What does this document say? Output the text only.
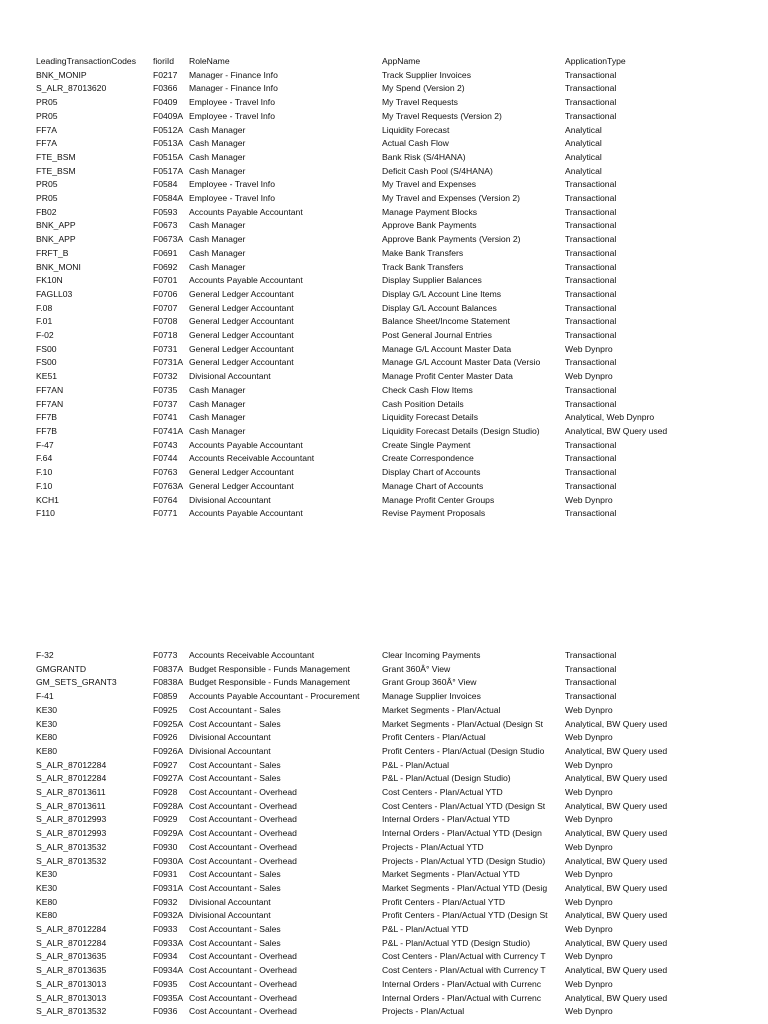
LeadingTransactionCodes	fioriId	RoleName	AppName	ApplicationType
BNK_MONIP	F0217	Manager - Finance Info	Track Supplier Invoices	Transactional
S_ALR_87013620	F0366	Manager - Finance Info	My Spend (Version 2)	Transactional
PR05	F0409	Employee - Travel Info	My Travel Requests	Transactional
PR05	F0409A	Employee - Travel Info	My Travel Requests (Version 2)	Transactional
FF7A	F0512A	Cash Manager	Liquidity Forecast	Analytical
FF7A	F0513A	Cash Manager	Actual Cash Flow	Analytical
FTE_BSM	F0515A	Cash Manager	Bank Risk (S/4HANA)	Analytical
FTE_BSM	F0517A	Cash Manager	Deficit Cash Pool (S/4HANA)	Analytical
PR05	F0584	Employee - Travel Info	My Travel and Expenses	Transactional
PR05	F0584A	Employee - Travel Info	My Travel and Expenses (Version 2)	Transactional
FB02	F0593	Accounts Payable Accountant	Manage Payment Blocks	Transactional
BNK_APP	F0673	Cash Manager	Approve Bank Payments	Transactional
BNK_APP	F0673A	Cash Manager	Approve Bank Payments (Version 2)	Transactional
FRFT_B	F0691	Cash Manager	Make Bank Transfers	Transactional
BNK_MONI	F0692	Cash Manager	Track Bank Transfers	Transactional
FK10N	F0701	Accounts Payable Accountant	Display Supplier Balances	Transactional
FAGLL03	F0706	General Ledger Accountant	Display G/L Account Line Items	Transactional
F.08	F0707	General Ledger Accountant	Display G/L Account Balances	Transactional
F.01	F0708	General Ledger Accountant	Balance Sheet/Income Statement	Transactional
F-02	F0718	General Ledger Accountant	Post General Journal Entries	Transactional
FS00	F0731	General Ledger Accountant	Manage G/L Account Master Data	Web Dynpro
FS00	F0731A	General Ledger Accountant	Manage G/L Account Master Data (Versio	Transactional
KE51	F0732	Divisional Accountant	Manage Profit Center Master Data	Web Dynpro
FF7AN	F0735	Cash Manager	Check Cash Flow Items	Transactional
FF7AN	F0737	Cash Manager	Cash Position Details	Transactional
FF7B	F0741	Cash Manager	Liquidity Forecast Details	Analytical, Web Dynpro
FF7B	F0741A	Cash Manager	Liquidity Forecast Details (Design Studio)	Analytical, BW Query used
F-47	F0743	Accounts Payable Accountant	Create Single Payment	Transactional
F.64	F0744	Accounts Receivable Accountant	Create Correspondence	Transactional
F.10	F0763	General Ledger Accountant	Display Chart of Accounts	Transactional
F.10	F0763A	General Ledger Accountant	Manage Chart of Accounts	Transactional
KCH1	F0764	Divisional Accountant	Manage Profit Center Groups	Web Dynpro
F110	F0771	Accounts Payable Accountant	Revise Payment Proposals	Transactional
F-32	F0773	Accounts Receivable Accountant	Clear Incoming Payments	Transactional
GMGRANTD	F0837A	Budget Responsible - Funds Management	Grant 360Â° View	Transactional
GM_SETS_GRANT3	F0838A	Budget Responsible - Funds Management	Grant Group 360Â° View	Transactional
F-41	F0859	Accounts Payable Accountant - Procurement	Manage Supplier Invoices	Transactional
KE30	F0925	Cost Accountant - Sales	Market Segments - Plan/Actual	Web Dynpro
KE30	F0925A	Cost Accountant - Sales	Market Segments - Plan/Actual (Design St	Analytical, BW Query used
KE80	F0926	Divisional Accountant	Profit Centers - Plan/Actual	Web Dynpro
KE80	F0926A	Divisional Accountant	Profit Centers - Plan/Actual (Design Studio	Analytical, BW Query used
S_ALR_87012284	F0927	Cost Accountant - Sales	P&L - Plan/Actual	Web Dynpro
S_ALR_87012284	F0927A	Cost Accountant - Sales	P&L - Plan/Actual (Design Studio)	Analytical, BW Query used
S_ALR_87013611	F0928	Cost Accountant - Overhead	Cost Centers - Plan/Actual YTD	Web Dynpro
S_ALR_87013611	F0928A	Cost Accountant - Overhead	Cost Centers - Plan/Actual YTD (Design St	Analytical, BW Query used
S_ALR_87012993	F0929	Cost Accountant - Overhead	Internal Orders - Plan/Actual YTD	Web Dynpro
S_ALR_87012993	F0929A	Cost Accountant - Overhead	Internal Orders - Plan/Actual YTD (Design	Analytical, BW Query used
S_ALR_87013532	F0930	Cost Accountant - Overhead	Projects - Plan/Actual YTD	Web Dynpro
S_ALR_87013532	F0930A	Cost Accountant - Overhead	Projects - Plan/Actual YTD (Design Studio)	Analytical, BW Query used
KE30	F0931	Cost Accountant - Sales	Market Segments - Plan/Actual YTD	Web Dynpro
KE30	F0931A	Cost Accountant - Sales	Market Segments - Plan/Actual YTD (Desig	Analytical, BW Query used
KE80	F0932	Divisional Accountant	Profit Centers - Plan/Actual YTD	Web Dynpro
KE80	F0932A	Divisional Accountant	Profit Centers - Plan/Actual YTD (Design St	Analytical, BW Query used
S_ALR_87012284	F0933	Cost Accountant - Sales	P&L - Plan/Actual YTD	Web Dynpro
S_ALR_87012284	F0933A	Cost Accountant - Sales	P&L - Plan/Actual YTD (Design Studio)	Analytical, BW Query used
S_ALR_87013635	F0934	Cost Accountant - Overhead	Cost Centers - Plan/Actual with Currency T	Web Dynpro
S_ALR_87013635	F0934A	Cost Accountant - Overhead	Cost Centers - Plan/Actual with Currency T	Analytical, BW Query used
S_ALR_87013013	F0935	Cost Accountant - Overhead	Internal Orders - Plan/Actual with Currenc	Web Dynpro
S_ALR_87013013	F0935A	Cost Accountant - Overhead	Internal Orders - Plan/Actual with Currenc	Analytical, BW Query used
S_ALR_87013532	F0936	Cost Accountant - Overhead	Projects - Plan/Actual	Web Dynpro
